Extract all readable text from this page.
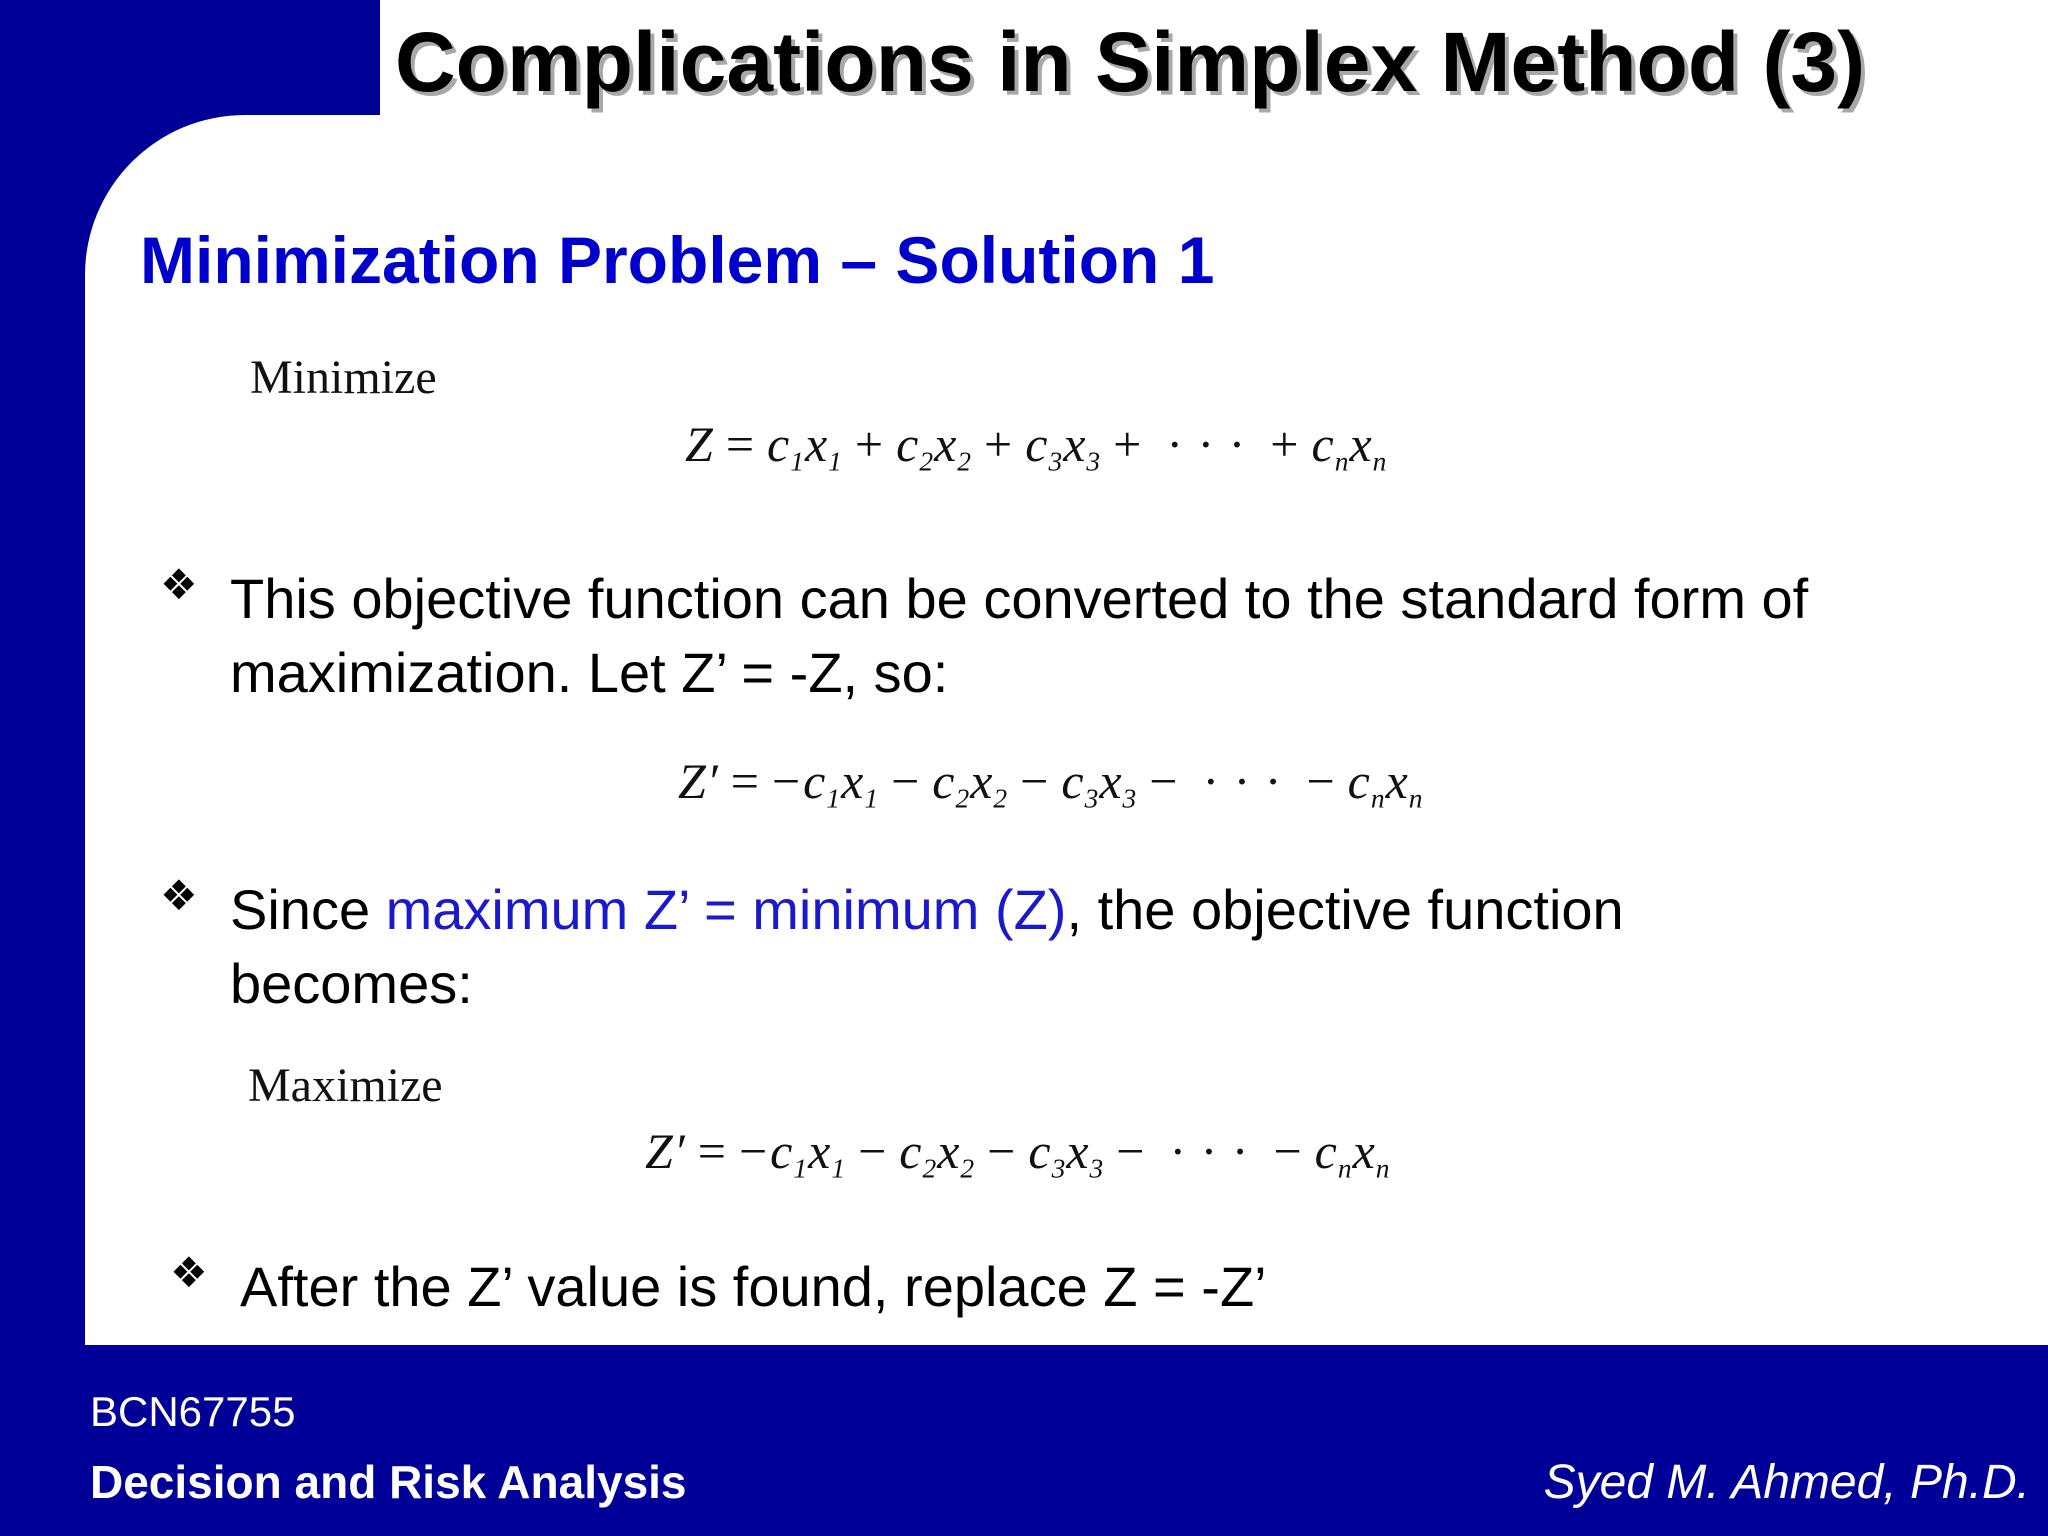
Complications in Simplex Method (3)
Minimization Problem – Solution 1
Minimize
$Z = c_1x_1 + c_2x_2 + c_3x_3$ + · · · + $c_nx_n$
❖ This objective function can be converted to the standard form of
maximization. Let Z’ = -Z, so:
$Z' = -c_1x_1 - c_2x_2 - c_3x_3$ − · · · − $c_nx_n$
❖ Since maximum Z’ = minimum (Z), the objective function
becomes:
Maximize
$Z' = -c_1x_1 - c_2x_2 - c_3x_3$ − · · · − $c_nx_n$
❖ After the Z’ value is found, replace Z = -Z’
BCN67755
Decision and Risk Analysis	Syed M. Ahmed, Ph.D.
